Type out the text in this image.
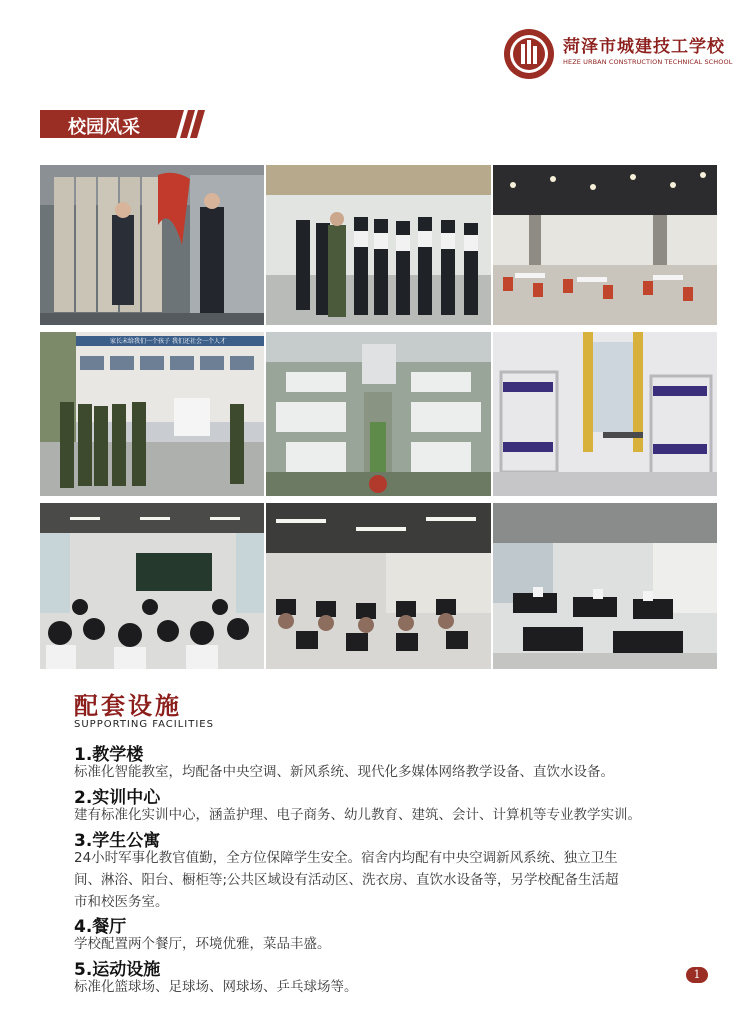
菏泽市城建技工学校
HEZE URBAN CONSTRUCTION TECHNICAL SCHOOL
校园风采
家长未给我们一个孩子 我们还社会一个人才
配套设施
SUPPORTING FACILITIES
1.教学楼
标准化智能教室，均配备中央空调、新风系统、现代化多媒体网络教学设备、直饮水设备。
2.实训中心
建有标准化实训中心，涵盖护理、电子商务、幼儿教育、建筑、会计、计算机等专业教学实训。
3.学生公寓
24小时军事化教官值勤，全方位保障学生安全。宿舍内均配有中央空调新风系统、独立卫生
间、淋浴、阳台、橱柜等;公共区域设有活动区、洗衣房、直饮水设备等，另学校配备生活超
市和校医务室。
4.餐厅
学校配置两个餐厅，环境优雅，菜品丰盛。
5.运动设施
标准化篮球场、足球场、网球场、乒乓球场等。
1
